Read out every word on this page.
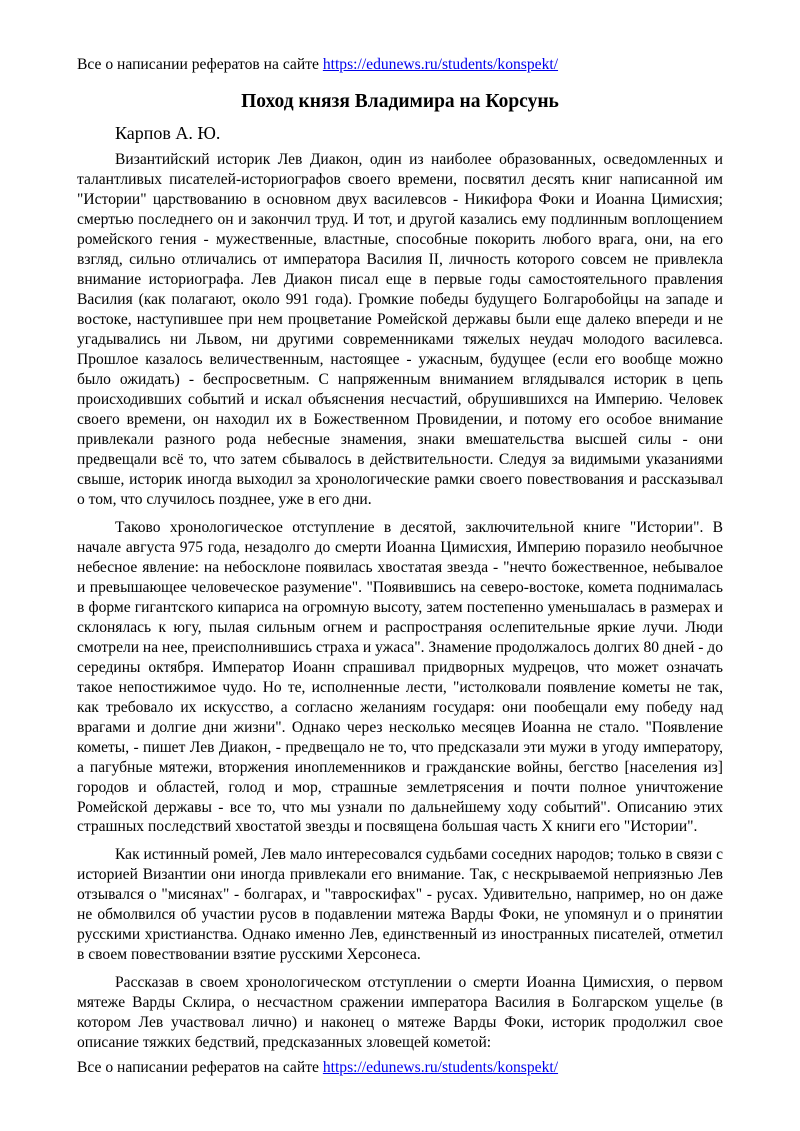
Все о написании рефератов на сайте https://edunews.ru/students/konspekt/
Поход князя Владимира на Корсунь

Карпов А. Ю.

Византийский историк Лев Диакон, один из наиболее образованных, осведомленных и талантливых писателей-историографов своего времени, посвятил десять книг написанной им "Истории" царствованию в основном двух василевсов - Никифора Фоки и Иоанна Цимисхия; смертью последнего он и закончил труд. И тот, и другой казались ему подлинным воплощением ромейского гения - мужественные, властные, способные покорить любого врага, они, на его взгляд, сильно отличались от императора Василия II, личность которого совсем не привлекла внимание историографа. Лев Диакон писал еще в первые годы самостоятельного правления Василия (как полагают, около 991 года). Громкие победы будущего Болгаробойцы на западе и востоке, наступившее при нем процветание Ромейской державы были еще далеко впереди и не угадывались ни Львом, ни другими современниками тяжелых неудач молодого василевса. Прошлое казалось величественным, настоящее - ужасным, будущее (если его вообще можно было ожидать) - беспросветным. С напряженным вниманием вглядывался историк в цепь происходивших событий и искал объяснения несчастий, обрушившихся на Империю. Человек своего времени, он находил их в Божественном Провидении, и потому его особое внимание привлекали разного рода небесные знамения, знаки вмешательства высшей силы - они предвещали всё то, что затем сбывалось в действительности. Следуя за видимыми указаниями свыше, историк иногда выходил за хронологические рамки своего повествования и рассказывал о том, что случилось позднее, уже в его дни.

Таково хронологическое отступление в десятой, заключительной книге "Истории". В начале августа 975 года, незадолго до смерти Иоанна Цимисхия, Империю поразило необычное небесное явление: на небосклоне появилась хвостатая звезда - "нечто божественное, небывалое и превышающее человеческое разумение". "Появившись на северо-востоке, комета поднималась в форме гигантского кипариса на огромную высоту, затем постепенно уменьшалась в размерах и склонялась к югу, пылая сильным огнем и распространяя ослепительные яркие лучи. Люди смотрели на нее, преисполнившись страха и ужаса". Знамение продолжалось долгих 80 дней - до середины октября. Император Иоанн спрашивал придворных мудрецов, что может означать такое непостижимое чудо. Но те, исполненные лести, "истолковали появление кометы не так, как требовало их искусство, а согласно желаниям государя: они пообещали ему победу над врагами и долгие дни жизни". Однако через несколько месяцев Иоанна не стало. "Появление кометы, - пишет Лев Диакон, - предвещало не то, что предсказали эти мужи в угоду императору, а пагубные мятежи, вторжения иноплеменников и гражданские войны, бегство [населения из] городов и областей, голод и мор, страшные землетрясения и почти полное уничтожение Ромейской державы - все то, что мы узнали по дальнейшему ходу событий". Описанию этих страшных последствий хвостатой звезды и посвящена большая часть X книги его "Истории".

Как истинный ромей, Лев мало интересовался судьбами соседних народов; только в связи с историей Византии они иногда привлекали его внимание. Так, с нескрываемой неприязнью Лев отзывался о "мисянах" - болгарах, и "тавроскифах" - русах. Удивительно, например, но он даже не обмолвился об участии русов в подавлении мятежа Варды Фоки, не упомянул и о принятии русскими христианства. Однако именно Лев, единственный из иностранных писателей, отметил в своем повествовании взятие русскими Херсонеса.

Рассказав в своем хронологическом отступлении о смерти Иоанна Цимисхия, о первом мятеже Варды Склира, о несчастном сражении императора Василия в Болгарском ущелье (в котором Лев участвовал лично) и наконец о мятеже Варды Фоки, историк продолжил свое описание тяжких бедствий, предсказанных зловещей кометой:

Все о написании рефератов на сайте https://edunews.ru/students/konspekt/
